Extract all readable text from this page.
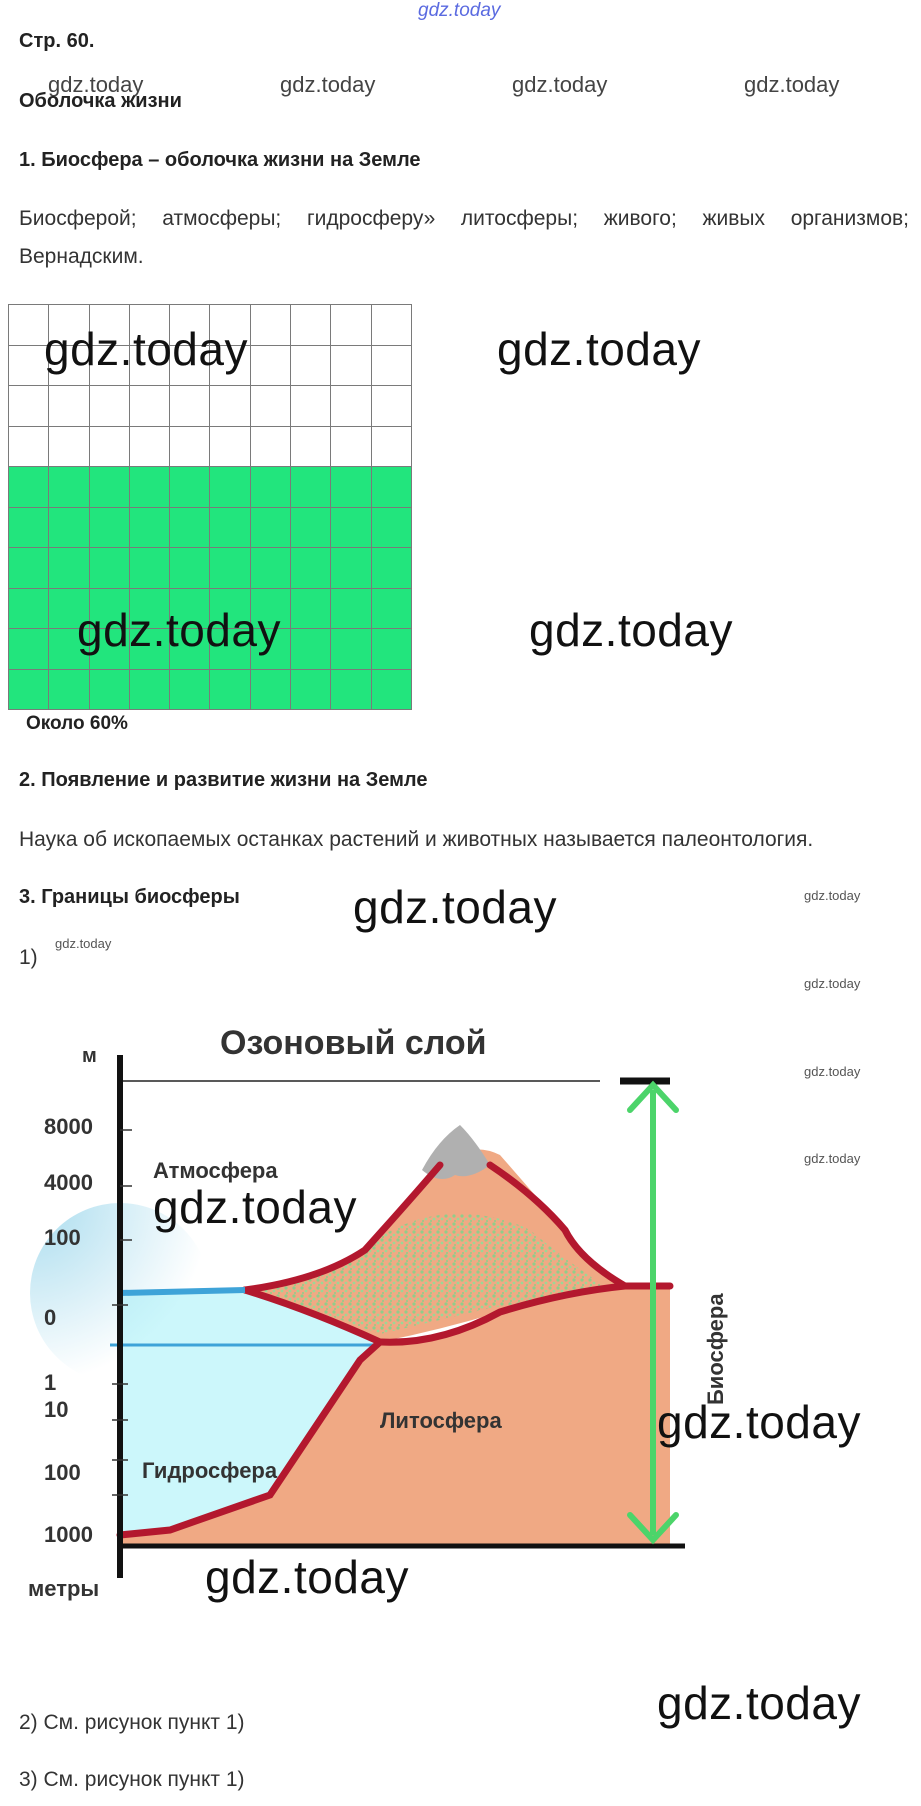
gdz.today
Стр. 60.
gdz.today	gdz.today	gdz.today	gdz.today
Оболочка жизни
1. Биосфера – оболочка жизни на Земле
Биосферой; атмосферы; гидросферу» литосферы; живого; живых организмов; Вернадским.

Около 60%
gdz.today	gdz.today
gdz.today	gdz.today
2. Появление и развитие жизни на Земле
Наука об ископаемых останках растений и животных называется палеонтология.
3. Границы биосферы gdz.today
1)
gdz.today
gdz.today
gdz.today
gdz.today
gdz.today
Озоновый слой
м
8000
4000
100
0
1
10
100
1000
метры
Атмосфера
Литосфера
Гидросфера
Биосфера
gdz.today
gdz.today
gdz.today
gdz.today
2) См. рисунок пункт 1)
3) См. рисунок пункт 1)
